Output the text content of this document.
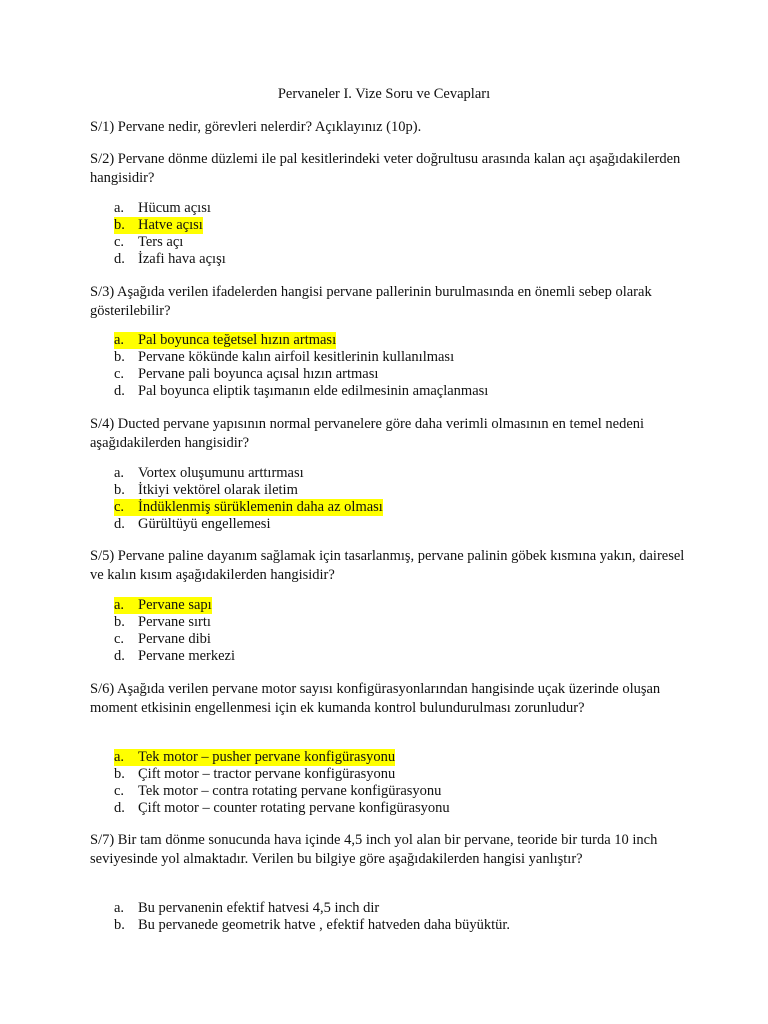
Pervaneler I. Vize Soru ve Cevapları

S/1) Pervane nedir, görevleri nelerdir? Açıklayınız (10p).

S/2) Pervane dönme düzlemi ile pal kesitlerindeki veter doğrultusu arasında kalan açı aşağıdakilerden hangisidir?

a. Hücum açısı
b. Hatve açısı
c. Ters açı
d. İzafi hava açışı

S/3) Aşağıda verilen ifadelerden hangisi pervane pallerinin burulmasında en önemli sebep olarak gösterilebilir?

a. Pal boyunca teğetsel hızın artması
b. Pervane kökünde kalın airfoil kesitlerinin kullanılması
c. Pervane pali boyunca açısal hızın artması
d. Pal boyunca eliptik taşımanın elde edilmesinin amaçlanması

S/4) Ducted pervane yapısının normal pervanelere göre daha verimli olmasının en temel nedeni aşağıdakilerden hangisidir?

a. Vortex oluşumunu arttırması
b. İtkiyi vektörel olarak iletim
c. İndüklenmiş sürüklemenin daha az olması
d. Gürültüyü engellemesi

S/5) Pervane paline dayanım sağlamak için tasarlanmış, pervane palinin göbek kısmına yakın, dairesel ve kalın kısım aşağıdakilerden hangisidir?

a. Pervane sapı
b. Pervane sırtı
c. Pervane dibi
d. Pervane merkezi

S/6) Aşağıda verilen pervane motor sayısı konfigürasyonlarından hangisinde uçak üzerinde oluşan moment etkisinin engellenmesi için ek kumanda kontrol bulundurulması zorunludur?

a. Tek motor – pusher pervane konfigürasyonu
b. Çift motor – tractor pervane konfigürasyonu
c. Tek motor – contra rotating pervane konfigürasyonu
d. Çift motor – counter rotating pervane konfigürasyonu

S/7) Bir tam dönme sonucunda hava içinde 4,5 inch yol alan bir pervane, teoride bir turda 10 inch seviyesinde yol almaktadır. Verilen bu bilgiye göre aşağıdakilerden hangisi yanlıştır?

a. Bu pervanenin efektif hatvesi 4,5 inch dir
b. Bu pervanede geometrik hatve , efektif hatveden daha büyüktür.
